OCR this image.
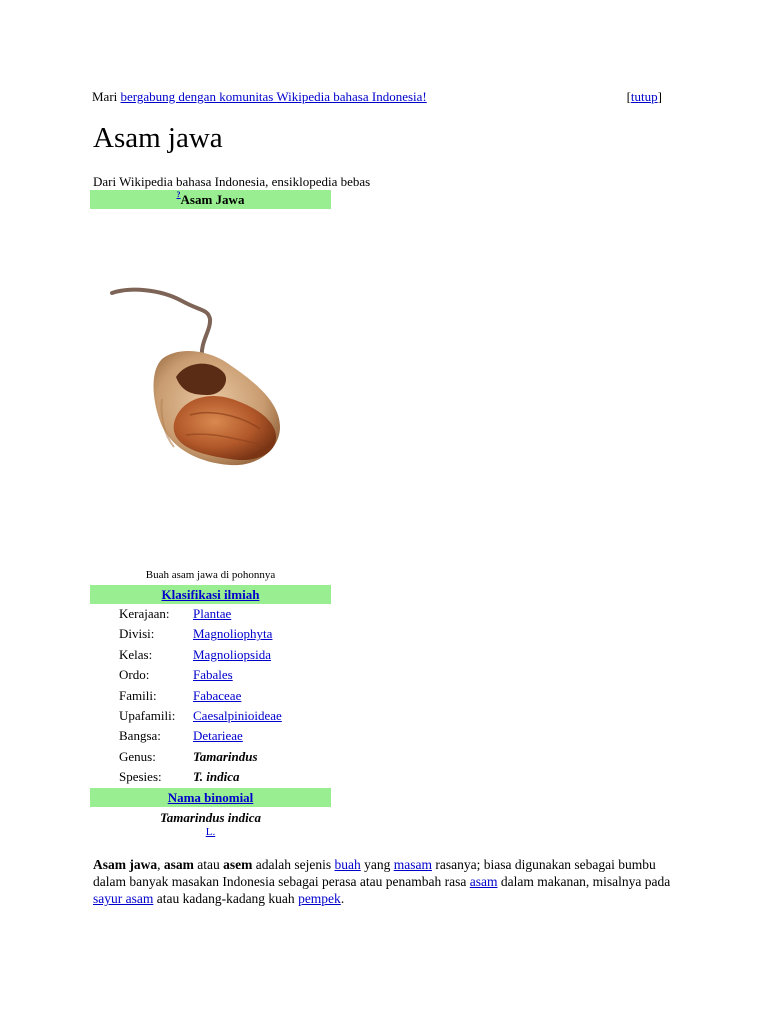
Mari bergabung dengan komunitas Wikipedia bahasa Indonesia!	[tutup]
Asam jawa
Dari Wikipedia bahasa Indonesia, ensiklopedia bebas
?Asam Jawa
Buah asam jawa di pohonnya
Klasifikasi ilmiah
Kerajaan: Plantae
Divisi:	Magnoliophyta
Kelas:	Magnoliopsida
Ordo:	Fabales
Famili:	Fabaceae
Upafamili: Caesalpinioideae
Bangsa: Detarieae
Genus:	Tamarindus
Spesies: T. indica
Nama binomial
Tamarindus indica
L.
Asam jawa, asam atau asem adalah sejenis buah yang masam rasanya; biasa digunakan sebagai bumbu dalam banyak masakan Indonesia sebagai perasa atau penambah rasa asam dalam makanan, misalnya pada sayur asam atau kadang-kadang kuah pempek.
